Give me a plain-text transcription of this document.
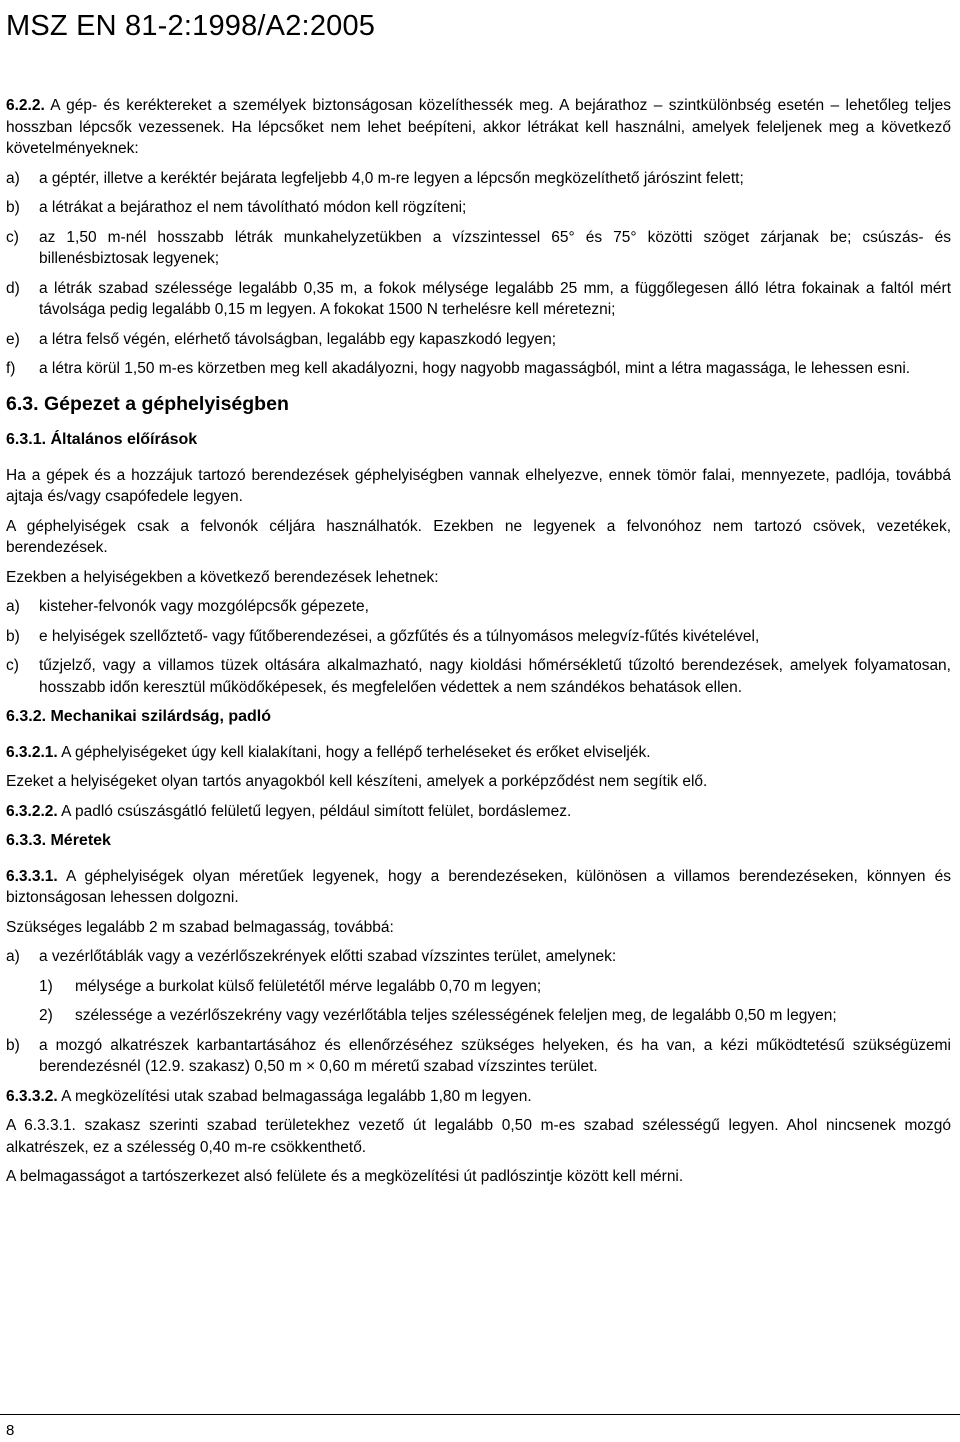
MSZ EN 81-2:1998/A2:2005

6.2.2. A gép- és keréktereket a személyek biztonságosan közelíthessék meg. A bejárathoz – szintkülönbség esetén – lehetőleg teljes hosszban lépcsők vezessenek. Ha lépcsőket nem lehet beépíteni, akkor létrákat kell használni, amelyek feleljenek meg a következő követelményeknek:

a)	a géptér, illetve a keréktér bejárata legfeljebb 4,0 m-re legyen a lépcsőn megközelíthető járószint felett;
b)	a létrákat a bejárathoz el nem távolítható módon kell rögzíteni;
c)	az 1,50 m-nél hosszabb létrák munkahelyzetükben a vízszintessel 65° és 75° közötti szöget zárjanak be; csúszás- és billenésbiztosak legyenek;
d)	a létrák szabad szélessége legalább 0,35 m, a fokok mélysége legalább 25 mm, a függőlegesen álló létra fokainak a faltól mért távolsága pedig legalább 0,15 m legyen. A fokokat 1500 N terhelésre kell méretezni;
e)	a létra felső végén, elérhető távolságban, legalább egy kapaszkodó legyen;
f)	a létra körül 1,50 m-es körzetben meg kell akadályozni, hogy nagyobb magasságból, mint a létra magassága, le lehessen esni.
6.3. Gépezet a géphelyiségben
6.3.1. Általános előírások

Ha a gépek és a hozzájuk tartozó berendezések géphelyiségben vannak elhelyezve, ennek tömör falai, mennyezete, padlója, továbbá ajtaja és/vagy csapófedele legyen.

A géphelyiségek csak a felvonók céljára használhatók. Ezekben ne legyenek a felvonóhoz nem tartozó csövek, vezetékek, berendezések.

Ezekben a helyiségekben a következő berendezések lehetnek:

a)	kisteher-felvonók vagy mozgólépcsők gépezete,
b)	e helyiségek szellőztető- vagy fűtőberendezései, a gőzfűtés és a túlnyomásos melegvíz-fűtés kivételével,
c)	tűzjelző, vagy a villamos tüzek oltására alkalmazható, nagy kioldási hőmérsékletű tűzoltó berendezések, amelyek folyamatosan, hosszabb időn keresztül működőképesek, és megfelelően védettek a nem szándékos behatások ellen.
6.3.2. Mechanikai szilárdság, padló

6.3.2.1. A géphelyiségeket úgy kell kialakítani, hogy a fellépő terheléseket és erőket elviseljék.

Ezeket a helyiségeket olyan tartós anyagokból kell készíteni, amelyek a porképződést nem segítik elő.

6.3.2.2. A padló csúszásgátló felületű legyen, például simított felület, bordáslemez.

6.3.3. Méretek

6.3.3.1. A géphelyiségek olyan méretűek legyenek, hogy a berendezéseken, különösen a villamos berendezéseken, könnyen és biztonságosan lehessen dolgozni.

Szükséges legalább 2 m szabad belmagasság, továbbá:

a)	a vezérlőtáblák vagy a vezérlőszekrények előtti szabad vízszintes terület, amelynek:
1)	mélysége a burkolat külső felületétől mérve legalább 0,70 m legyen;
2)	szélessége a vezérlőszekrény vagy vezérlőtábla teljes szélességének feleljen meg, de legalább 0,50 m legyen;
b)	a mozgó alkatrészek karbantartásához és ellenőrzéséhez szükséges helyeken, és ha van, a kézi működtetésű szükségüzemi berendezésnél (12.9. szakasz) 0,50 m × 0,60 m méretű szabad vízszintes terület.

6.3.3.2. A megközelítési utak szabad belmagassága legalább 1,80 m legyen.

A 6.3.3.1. szakasz szerinti szabad területekhez vezető út legalább 0,50 m-es szabad szélességű legyen. Ahol nincsenek mozgó alkatrészek, ez a szélesség 0,40 m-re csökkenthető.

A belmagasságot a tartószerkezet alsó felülete és a megközelítési út padlószintje között kell mérni.

8
